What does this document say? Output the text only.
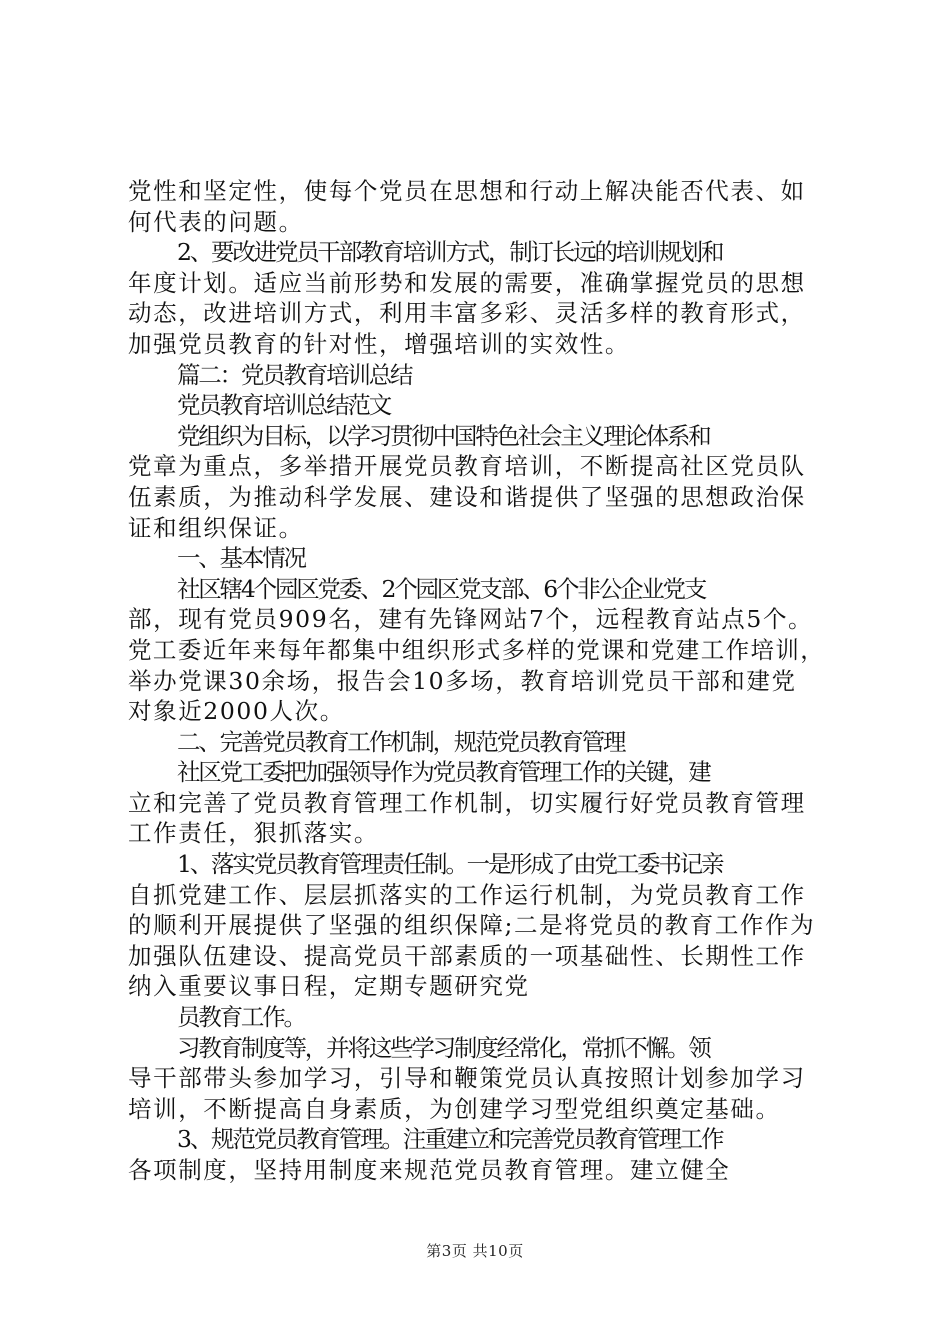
党性和坚定性，使每个党员在思想和行动上解决能否代表、如
何代表的问题。
2、要改进党员干部教育培训方式，制订长远的培训规划和
年度计划。适应当前形势和发展的需要，准确掌握党员的思想
动态，改进培训方式，利用丰富多彩、灵活多样的教育形式，
加强党员教育的针对性，增强培训的实效性。
篇二：党员教育培训总结
党员教育培训总结范文
党组织为目标，以学习贯彻中国特色社会主义理论体系和
党章为重点，多举措开展党员教育培训，不断提高社区党员队
伍素质，为推动科学发展、建设和谐提供了坚强的思想政治保
证和组织保证。
一、基本情况
社区辖4个园区党委、2个园区党支部、6个非公企业党支
部，现有党员909名，建有先锋网站7个，远程教育站点5个。
党工委近年来每年都集中组织形式多样的党课和党建工作培训，
举办党课30余场，报告会10多场，教育培训党员干部和建党
对象近2000人次。
二、完善党员教育工作机制，规范党员教育管理
社区党工委把加强领导作为党员教育管理工作的关键，建
立和完善了党员教育管理工作机制，切实履行好党员教育管理
工作责任，狠抓落实。
1、落实党员教育管理责任制。一是形成了由党工委书记亲
自抓党建工作、层层抓落实的工作运行机制，为党员教育工作
的顺利开展提供了坚强的组织保障;二是将党员的教育工作作为
加强队伍建设、提高党员干部素质的一项基础性、长期性工作
纳入重要议事日程，定期专题研究党
员教育工作。
习教育制度等，并将这些学习制度经常化，常抓不懈。领
导干部带头参加学习，引导和鞭策党员认真按照计划参加学习
培训，不断提高自身素质，为创建学习型党组织奠定基础。
3、规范党员教育管理。注重建立和完善党员教育管理工作
各项制度，坚持用制度来规范党员教育管理。建立健全
第3页 共10页
